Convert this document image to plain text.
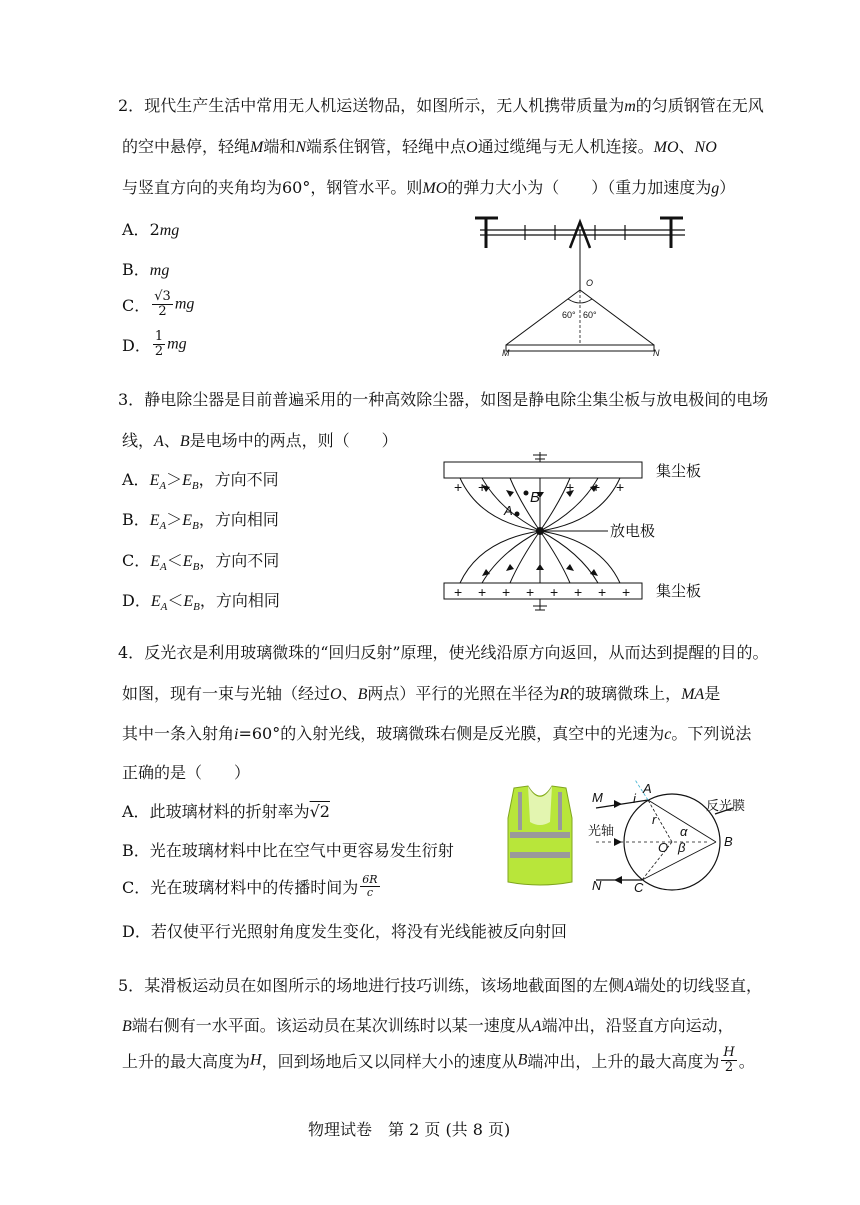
2．现代生产生活中常用无人机运送物品，如图所示，无人机携带质量为m的匀质钢管在无风
的空中悬停，轻绳M端和N端系住钢管，轻绳中点O通过缆绳与无人机连接。MO、NO
与竖直方向的夹角均为60°，钢管水平。则MO的弹力大小为（　　）（重力加速度为g）
A．2mg
B．mg
C． $\frac{√3}{2}$ mg
D． $\frac{1}{2}$ mg
O
60° 60°
M	N
3．静电除尘器是目前普遍采用的一种高效除尘器，如图是静电除尘集尘板与放电极间的电场
线，A、B是电场中的两点，则（　　）
A．$E_A>E_B$，方向不同
B．$E_A>E_B$，方向相同
C．$E_A<E_B$，方向不同
D．$E_A<E_B$，方向相同
+ +	+ + +
+ + + + + + + +
集尘板
放电极
集尘板
B
A
4．反光衣是利用玻璃微珠的“回归反射”原理，使光线沿原方向返回，从而达到提醒的目的。
如图，现有一束与光轴（经过O、B两点）平行的光照在半径为R的玻璃微珠上，MA是
其中一条入射角i=60°的入射光线，玻璃微珠右侧是反光膜，真空中的光速为c。下列说法
正确的是（　　）
A．此玻璃材料的折射率为√2
B．光在玻璃材料中比在空气中更容易发生衍射
C．光在玻璃材料中的传播时间为 $\frac{6R}{c}$
D．若仅使平行光照射角度发生变化，将没有光线能被反向射回
M i
A
反光膜
光轴
r
α
O β	B
N	C
5．某滑板运动员在如图所示的场地进行技巧训练，该场地截面图的左侧A端处的切线竖直，
B端右侧有一水平面。该运动员在某次训练时以某一速度从A端冲出，沿竖直方向运动，
上升的最大高度为H，回到场地后又以同样大小的速度从B端冲出，上升的最大高度为 $\frac{H}{2}$ 。
物理试卷　第 2 页 (共 8 页)
